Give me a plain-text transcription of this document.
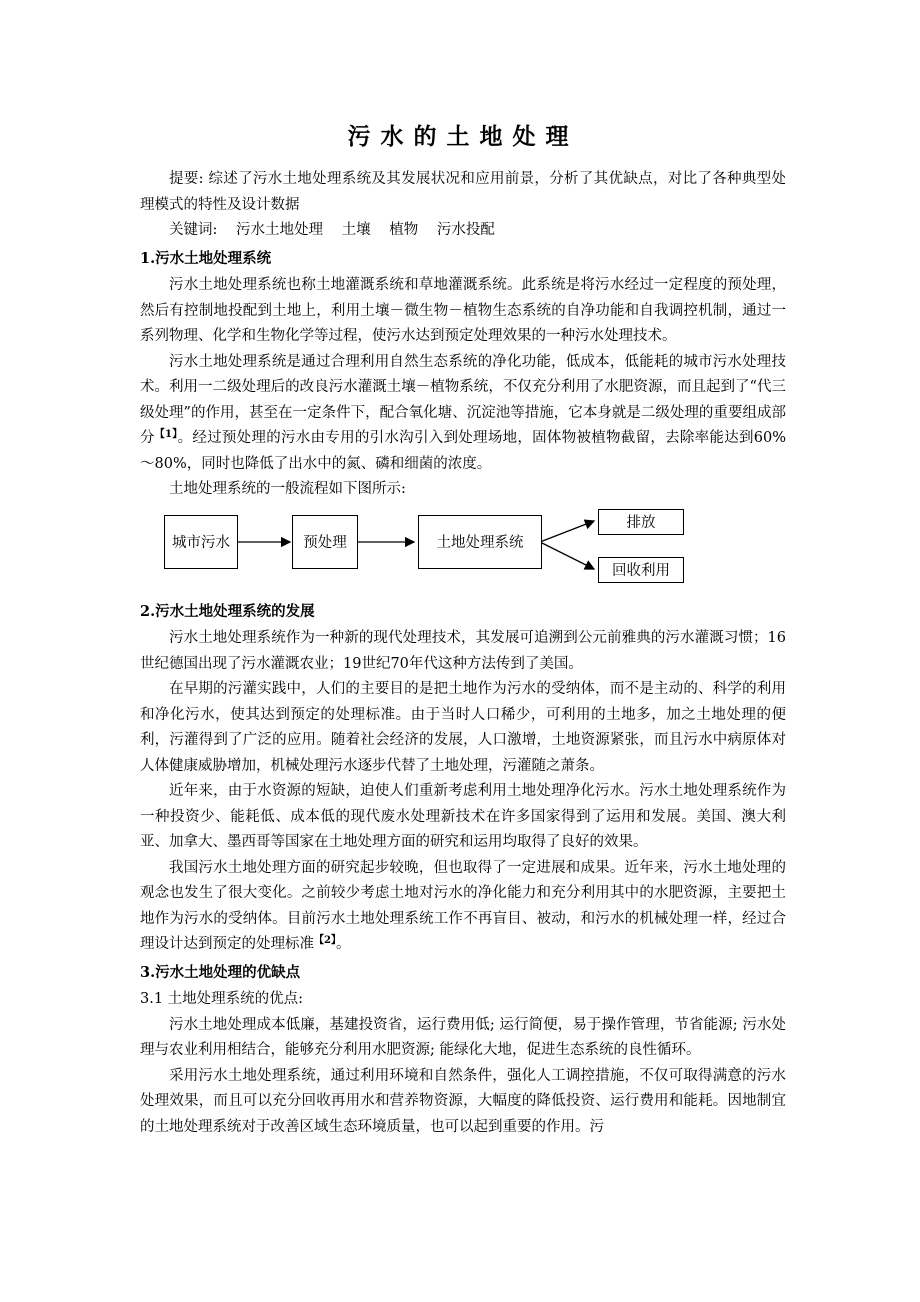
污水的土地处理

提要: 综述了污水土地处理系统及其发展状况和应用前景，分析了其优缺点，对比了各种典型处理模式的特性及设计数据

关键词: 污水土地处理 土壤 植物 污水投配

1.污水土地处理系统

污水土地处理系统也称土地灌溉系统和草地灌溉系统。此系统是将污水经过一定程度的预处理，然后有控制地投配到土地上，利用土壤－微生物－植物生态系统的自净功能和自我调控机制，通过一系列物理、化学和生物化学等过程，使污水达到预定处理效果的一种污水处理技术。

污水土地处理系统是通过合理利用自然生态系统的净化功能，低成本，低能耗的城市污水处理技术。利用一二级处理后的改良污水灌溉土壤－植物系统，不仅充分利用了水肥资源，而且起到了“代三级处理”的作用，甚至在一定条件下，配合氧化塘、沉淀池等措施，它本身就是二级处理的重要组成部分$^{【1】}$。经过预处理的污水由专用的引水沟引入到处理场地，固体物被植物截留，去除率能达到60%～80%，同时也降低了出水中的氮、磷和细菌的浓度。

土地处理系统的一般流程如下图所示:

城市污水	预处理	土地处理系统
排放
回收利用
2.污水土地处理系统的发展

污水土地处理系统作为一种新的现代处理技术，其发展可追溯到公元前雅典的污水灌溉习惯；16世纪德国出现了污水灌溉农业；19世纪70年代这种方法传到了美国。

在早期的污灌实践中，人们的主要目的是把土地作为污水的受纳体，而不是主动的、科学的利用和净化污水，使其达到预定的处理标准。由于当时人口稀少，可利用的土地多，加之土地处理的便利，污灌得到了广泛的应用。随着社会经济的发展，人口激增，土地资源紧张，而且污水中病原体对人体健康威胁增加，机械处理污水逐步代替了土地处理，污灌随之萧条。

近年来，由于水资源的短缺，迫使人们重新考虑利用土地处理净化污水。污水土地处理系统作为一种投资少、能耗低、成本低的现代废水处理新技术在许多国家得到了运用和发展。美国、澳大利亚、加拿大、墨西哥等国家在土地处理方面的研究和运用均取得了良好的效果。

我国污水土地处理方面的研究起步较晚，但也取得了一定进展和成果。近年来，污水土地处理的观念也发生了很大变化。之前较少考虑土地对污水的净化能力和充分利用其中的水肥资源，主要把土地作为污水的受纳体。目前污水土地处理系统工作不再盲目、被动，和污水的机械处理一样，经过合理设计达到预定的处理标准$^{【2】}$。

3.污水土地处理的优缺点

3.1 土地处理系统的优点:

污水土地处理成本低廉，基建投资省，运行费用低; 运行简便，易于操作管理，节省能源; 污水处理与农业利用相结合，能够充分利用水肥资源; 能绿化大地，促进生态系统的良性循环。

采用污水土地处理系统，通过利用环境和自然条件，强化人工调控措施，不仅可取得满意的污水处理效果，而且可以充分回收再用水和营养物资源，大幅度的降低投资、运行费用和能耗。因地制宜的土地处理系统对于改善区域生态环境质量，也可以起到重要的作用。污
